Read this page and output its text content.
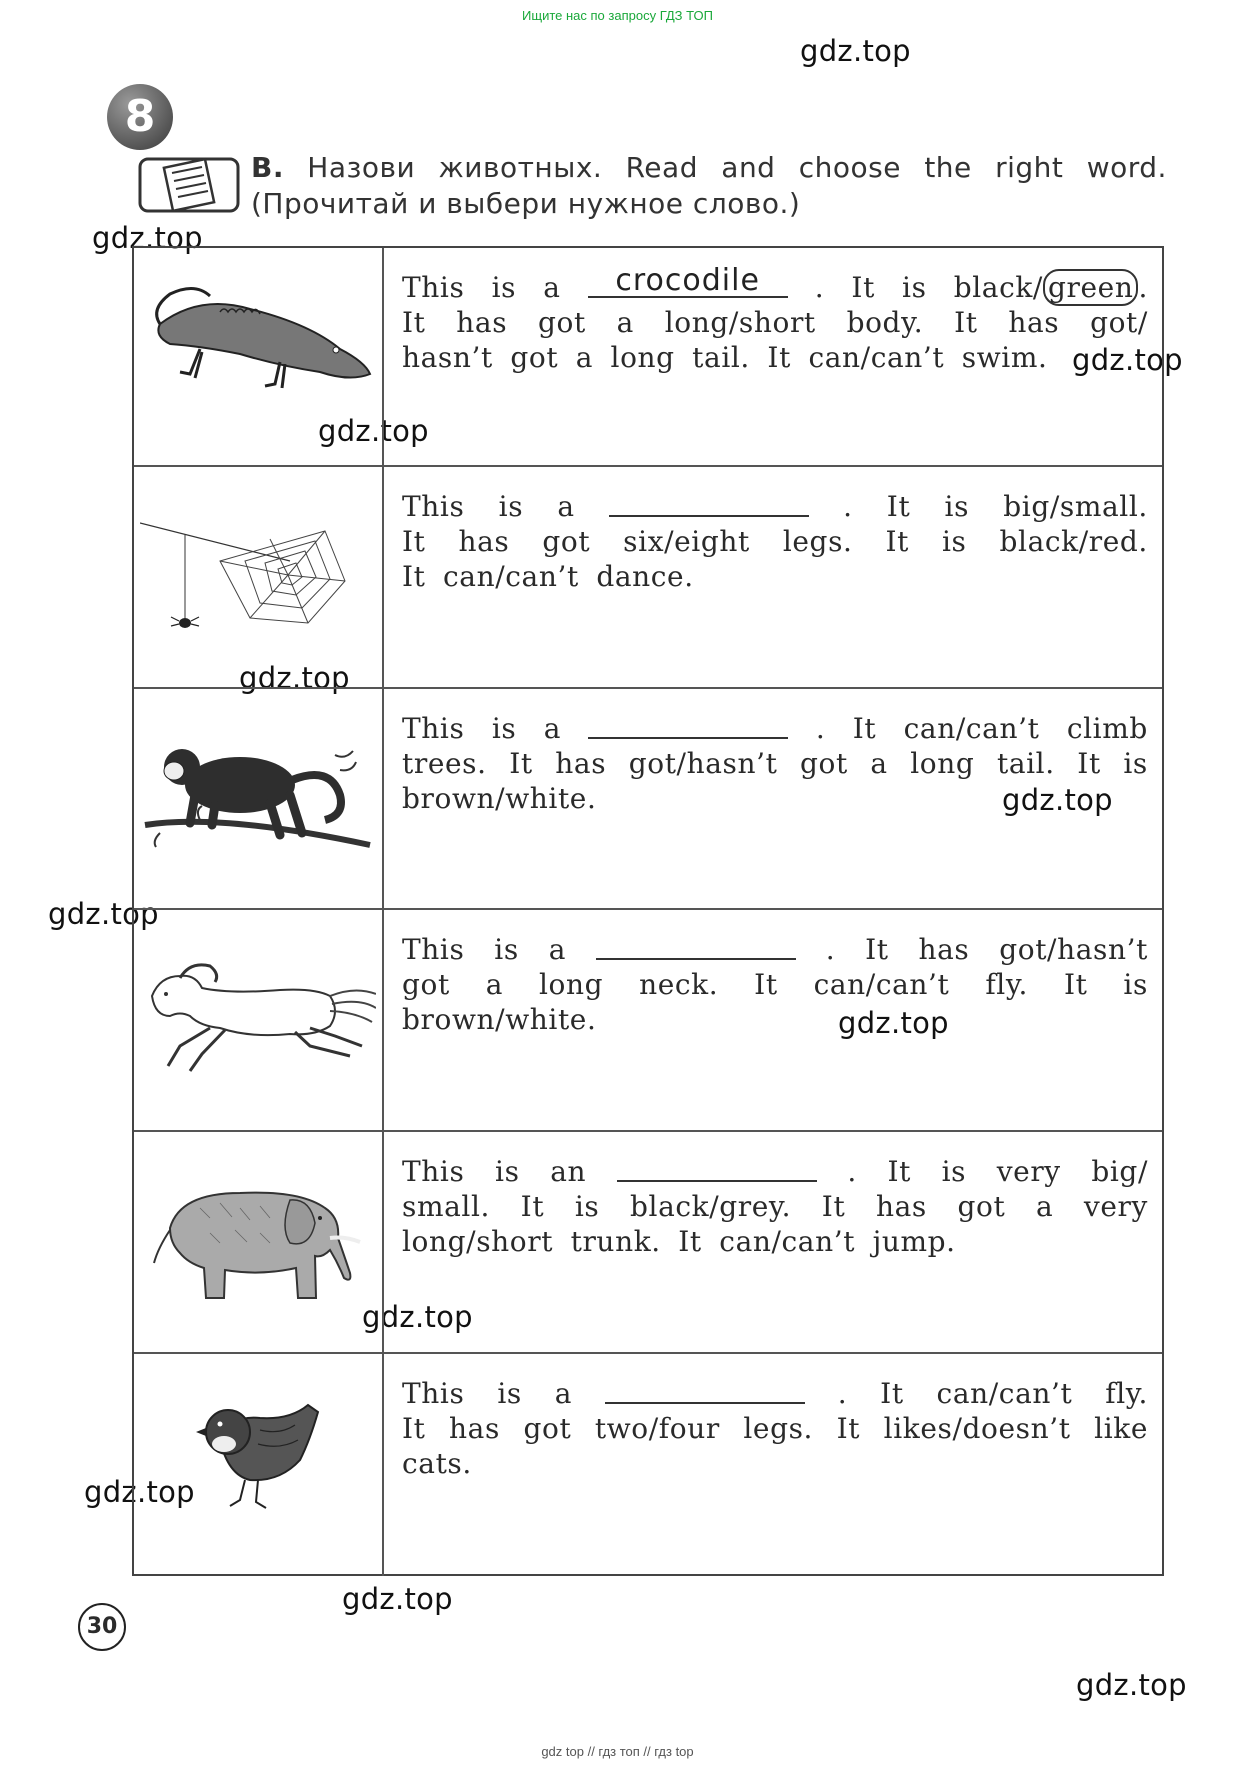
Ищите нас по запросу ГДЗ ТОП
gdz.top
gdz.top
gdz.top
gdz.top
gdz.top
gdz.top
gdz.top
gdz.top
gdz.top
gdz.top
gdz.top
gdz.top
8
B. Назови животных. Read and choose the right word.
(Прочитай и выбери нужное слово.)
This is a	crocodile	. It is black/ green .
It has got a long/short body. It has got/
hasn’t got a long tail. It can/can’t swim.
This is a	. It is big/small.
It has got six/eight legs. It is black/red.
It can/can’t dance.
This is a	. It can/can’t climb
trees. It has got/hasn’t got a long tail. It is
brown/white.
This is a	. It has got/hasn’t
got a long neck. It can/can’t fly. It is
brown/white.
This is an	. It is very big/
small. It is black/grey. It has got a very
long/short trunk. It can/can’t jump.
This is a	. It can/can’t fly.
It has got two/four legs. It likes/doesn’t like
cats.
30
gdz top // гдз топ // гдз top
